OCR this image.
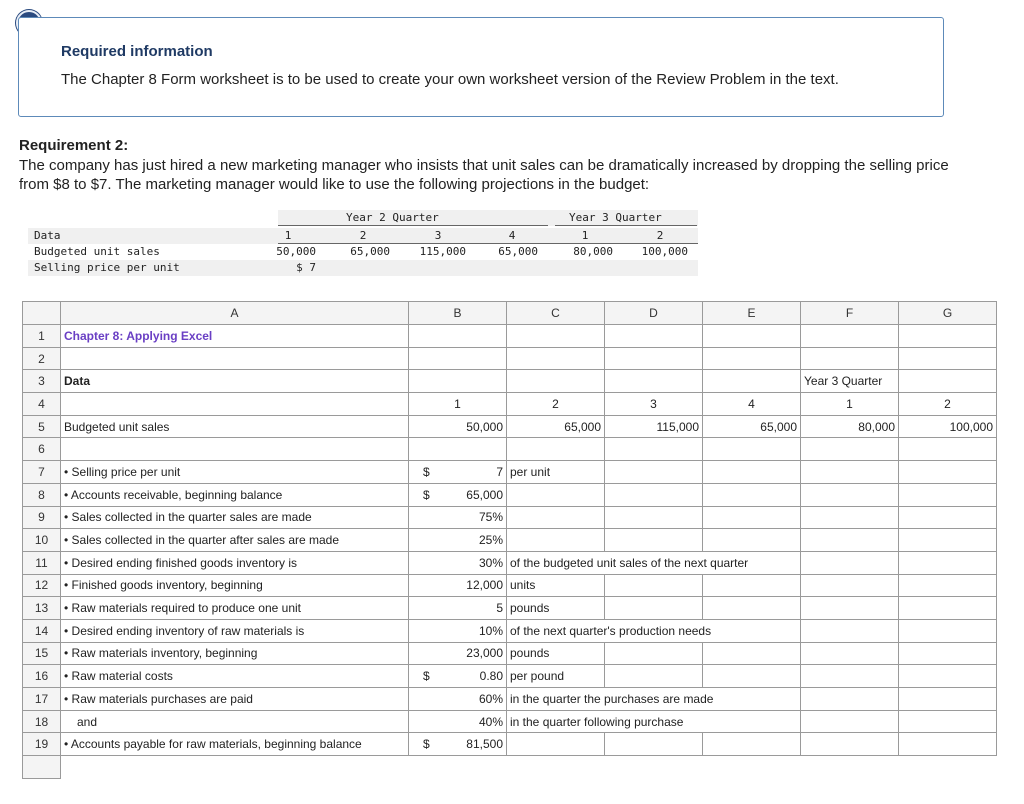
Required information
The Chapter 8 Form worksheet is to be used to create your own worksheet version of the Review Problem in the text.
Requirement 2:
The company has just hired a new marketing manager who insists that unit sales can be dramatically increased by dropping the selling price from $8 to $7. The marketing manager would like to use the following projections in the budget:
Year 2 Quarter	Year 3 Quarter
Data	1	2	3	4	1	2
Budgeted unit sales	50,000	65,000	115,000	65,000	80,000	100,000
Selling price per unit	$ 7
	A	B	C	D	E	F	G
1	Chapter 8: Applying Excel						
2							
3	Data					Year 3 Quarter	
4		1	2	3	4	1	2
5	Budgeted unit sales	50,000	65,000	115,000	65,000	80,000	100,000
6							
7	• Selling price per unit	$ 7	per unit				
8	• Accounts receivable, beginning balance	$ 65,000					
9	• Sales collected in the quarter sales are made	75%					
10	• Sales collected in the quarter after sales are made	25%					
11	• Desired ending finished goods inventory is	30%	of the budgeted unit sales of the next quarter				
12	• Finished goods inventory, beginning	12,000	units				
13	• Raw materials required to produce one unit	5	pounds				
14	• Desired ending inventory of raw materials is	10%	of the next quarter's production needs				
15	• Raw materials inventory, beginning	23,000	pounds				
16	• Raw material costs	$ 0.80	per pound				
17	• Raw materials purchases are paid	60%	in the quarter the purchases are made				
18	and	40%	in the quarter following purchase				
19	• Accounts payable for raw materials, beginning balance	$ 81,500					
